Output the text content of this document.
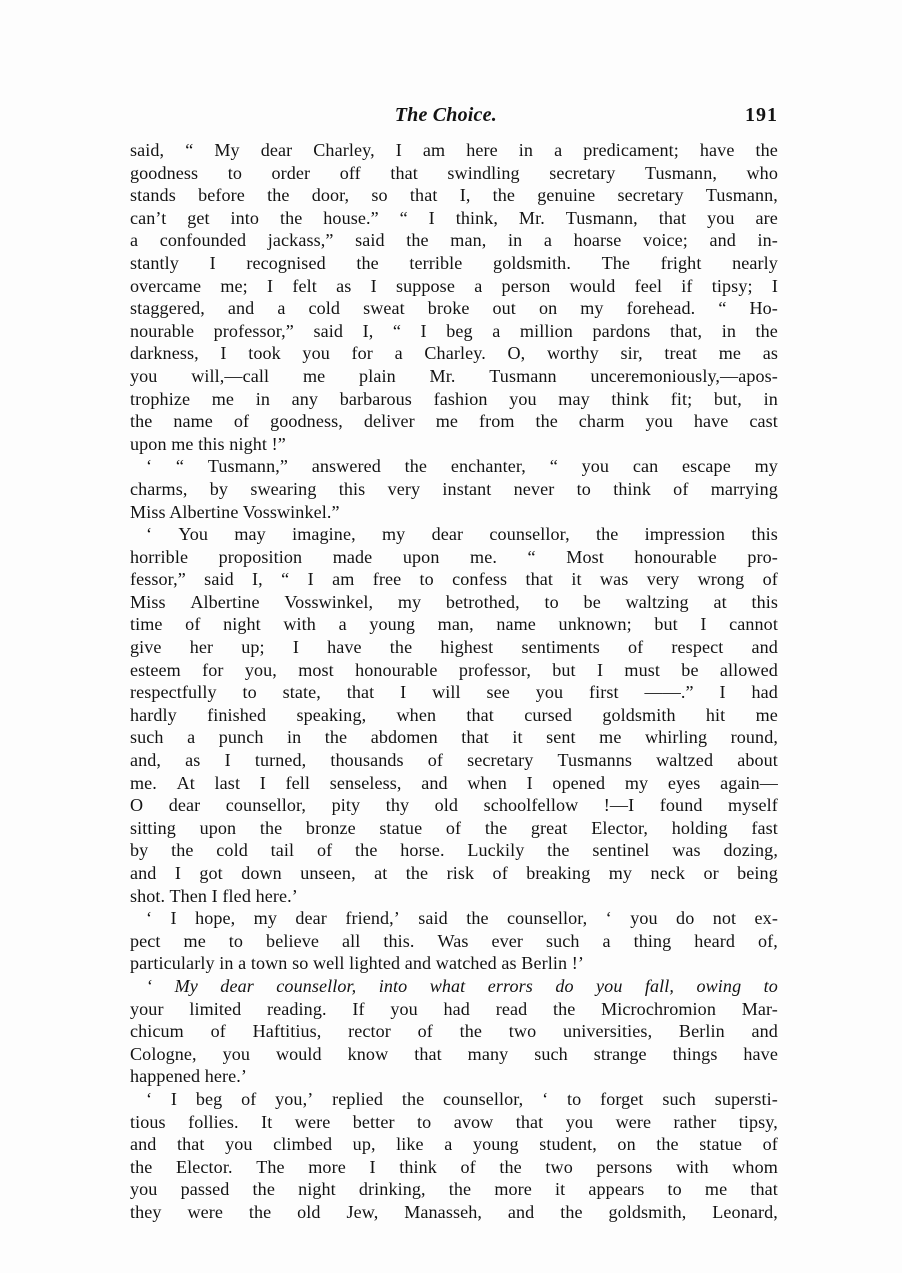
The Choice.	191
said, “ My dear Charley, I am here in a predicament; have the
goodness to order off that swindling secretary Tusmann, who
stands before the door, so that I, the genuine secretary Tusmann,
can’t get into the house.” “ I think, Mr. Tusmann, that you are
a confounded jackass,” said the man, in a hoarse voice; and in-
stantly I recognised the terrible goldsmith. The fright nearly
overcame me; I felt as I suppose a person would feel if tipsy; I
staggered, and a cold sweat broke out on my forehead. “ Ho-
nourable professor,” said I, “ I beg a million pardons that, in the
darkness, I took you for a Charley. O, worthy sir, treat me as
you will,—call me plain Mr. Tusmann unceremoniously,—apos-
trophize me in any barbarous fashion you may think fit; but, in
the name of goodness, deliver me from the charm you have cast
upon me this night !”
‘ “ Tusmann,” answered the enchanter, “ you can escape my
charms, by swearing this very instant never to think of marrying
Miss Albertine Vosswinkel.”
‘ You may imagine, my dear counsellor, the impression this
horrible proposition made upon me. “ Most honourable pro-
fessor,” said I, “ I am free to confess that it was very wrong of
Miss Albertine Vosswinkel, my betrothed, to be waltzing at this
time of night with a young man, name unknown; but I cannot
give her up; I have the highest sentiments of respect and
esteem for you, most honourable professor, but I must be allowed
respectfully to state, that I will see you first ——.” I had
hardly finished speaking, when that cursed goldsmith hit me
such a punch in the abdomen that it sent me whirling round,
and, as I turned, thousands of secretary Tusmanns waltzed about
me. At last I fell senseless, and when I opened my eyes again—
O dear counsellor, pity thy old schoolfellow !—I found myself
sitting upon the bronze statue of the great Elector, holding fast
by the cold tail of the horse. Luckily the sentinel was dozing,
and I got down unseen, at the risk of breaking my neck or being
shot. Then I fled here.’
‘ I hope, my dear friend,’ said the counsellor, ‘ you do not ex-
pect me to believe all this. Was ever such a thing heard of,
particularly in a town so well lighted and watched as Berlin !’
‘ My dear counsellor, into what errors do you fall, owing to
your limited reading. If you had read the Microchromion Mar-
chicum of Haftitius, rector of the two universities, Berlin and
Cologne, you would know that many such strange things have
happened here.’
‘ I beg of you,’ replied the counsellor, ‘ to forget such supersti-
tious follies. It were better to avow that you were rather tipsy,
and that you climbed up, like a young student, on the statue of
the Elector. The more I think of the two persons with whom
you passed the night drinking, the more it appears to me that
they were the old Jew, Manasseh, and the goldsmith, Leonard,
